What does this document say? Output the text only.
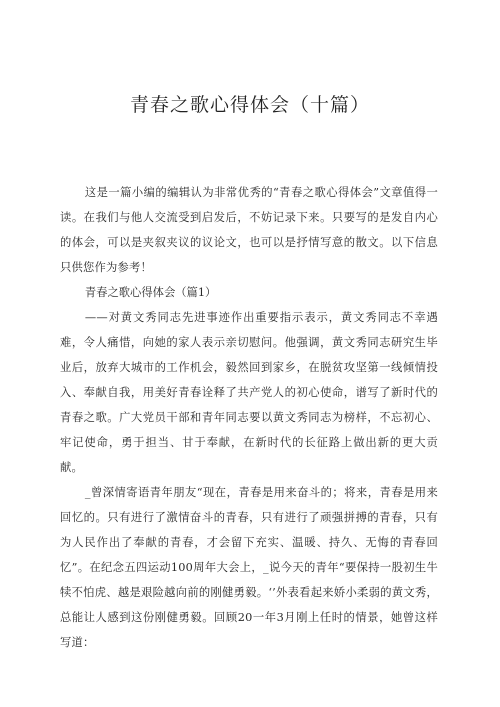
青春之歌心得体会（十篇）

这是一篇小编的编辑认为非常优秀的“青春之歌心得体会”文章值得一读。在我们与他人交流受到启发后，不妨记录下来。只要写的是发自内心的体会，可以是夹叙夹议的议论文，也可以是抒情写意的散文。以下信息只供您作为参考！

青春之歌心得体会（篇1）

——对黄文秀同志先进事迹作出重要指示表示，黄文秀同志不幸遇难，令人痛惜，向她的家人表示亲切慰问。他强调，黄文秀同志研究生毕业后，放弃大城市的工作机会，毅然回到家乡，在脱贫攻坚第一线倾情投入、奉献自我，用美好青春诠释了共产党人的初心使命，谱写了新时代的青春之歌。广大党员干部和青年同志要以黄文秀同志为榜样，不忘初心、牢记使命，勇于担当、甘于奉献，在新时代的长征路上做出新的更大贡献。

_曾深情寄语青年朋友“现在，青春是用来奋斗的；将来，青春是用来回忆的。只有进行了激情奋斗的青春，只有进行了顽强拼搏的青春，只有为人民作出了奉献的青春，才会留下充实、温暖、持久、无悔的青春回忆”。在纪念五四运动100周年大会上，_说今天的青年“要保持一股初生牛犊不怕虎、越是艰险越向前的刚健勇毅。‘’外表看起来娇小柔弱的黄文秀，总能让人感到这份刚健勇毅。回顾20一年3月刚上任时的情景，她曾这样写道：
